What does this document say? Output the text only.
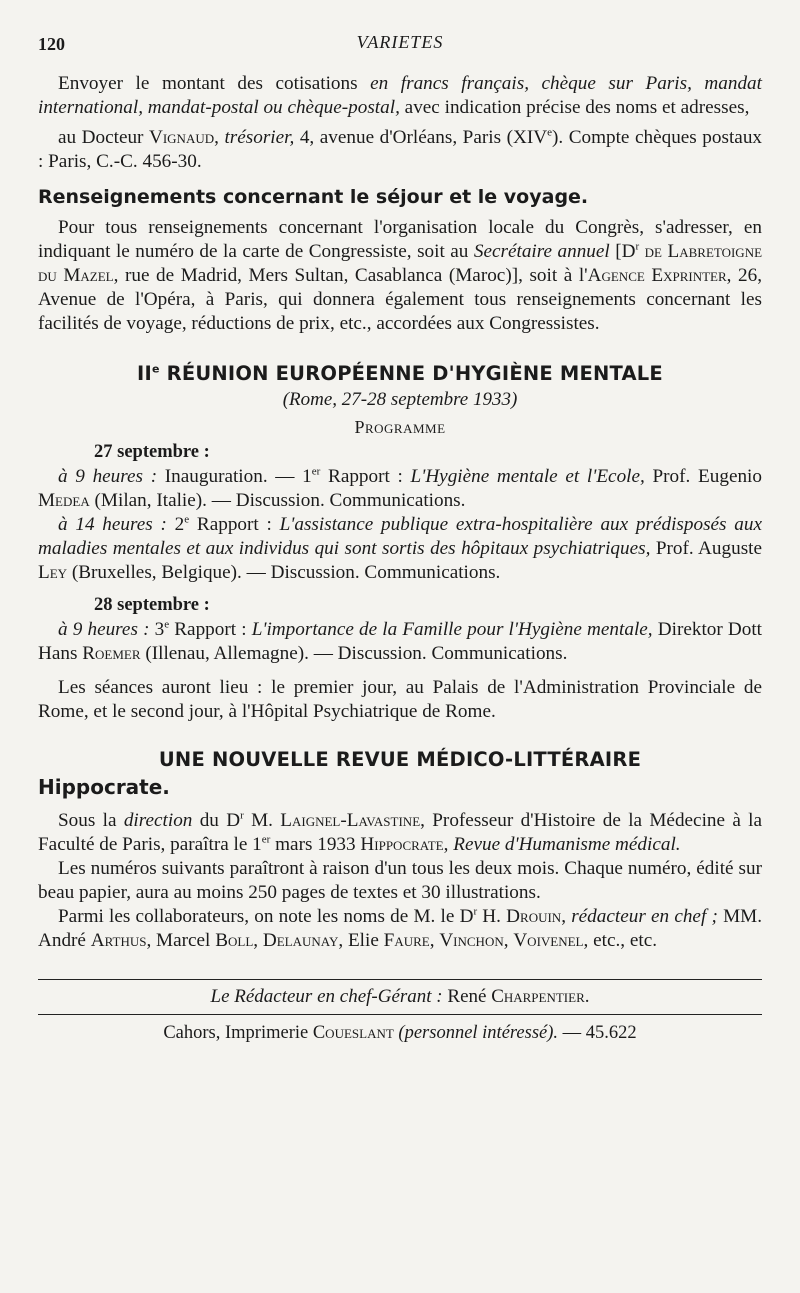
120	VARIETES

Envoyer le montant des cotisations en francs français, chèque sur Paris, mandat international, mandat-postal ou chèque-postal, avec indication précise des noms et adresses,

au Docteur Vignaud, trésorier, 4, avenue d'Orléans, Paris (XIVe). Compte chèques postaux : Paris, C.-C. 456-30.

Renseignements concernant le séjour et le voyage.

Pour tous renseignements concernant l'organisation locale du Congrès, s'adresser, en indiquant le numéro de la carte de Congressiste, soit au Secrétaire annuel [$D^r$ de Labretoigne du Mazel, rue de Madrid, Mers Sultan, Casablanca (Maroc)], soit à l'Agence Exprinter, 26, Avenue de l'Opéra, à Paris, qui donnera également tous renseignements concernant les facilités de voyage, réductions de prix, etc., accordées aux Congressistes.

IIe RÉUNION EUROPÉENNE D'HYGIÈNE MENTALE
(Rome, 27-28 septembre 1933)
Programme
27 septembre :

à 9 heures : Inauguration. — 1er Rapport : L'Hygiène mentale et l'Ecole, Prof. Eugenio Medea (Milan, Italie). — Discussion. Communications.

à 14 heures : 2e Rapport : L'assistance publique extra-hospitalière aux prédisposés aux maladies mentales et aux individus qui sont sortis des hôpitaux psychiatriques, Prof. Auguste Ley (Bruxelles, Belgique). — Discussion. Communications.

28 septembre :

à 9 heures : 3e Rapport : L'importance de la Famille pour l'Hygiène mentale, Direktor Dott Hans Roemer (Illenau, Allemagne). — Discussion. Communications.

Les séances auront lieu : le premier jour, au Palais de l'Administration Provinciale de Rome, et le second jour, à l'Hôpital Psychiatrique de Rome.

UNE NOUVELLE REVUE MÉDICO-LITTÉRAIRE
Hippocrate.

Sous la direction du $D^r$ M. Laignel-Lavastine, Professeur d'Histoire de la Médecine à la Faculté de Paris, paraîtra le 1er mars 1933 Hippocrate, Revue d'Humanisme médical.

Les numéros suivants paraîtront à raison d'un tous les deux mois. Chaque numéro, édité sur beau papier, aura au moins 250 pages de textes et 30 illustrations.

Parmi les collaborateurs, on note les noms de M. le $D^r$ H. Drouin, rédacteur en chef ; MM. André Arthus, Marcel Boll, Delaunay, Elie Faure, Vinchon, Voivenel, etc., etc.

Le Rédacteur en chef-Gérant : René Charpentier.
Cahors, Imprimerie Coueslant (personnel intéressé). — 45.622
